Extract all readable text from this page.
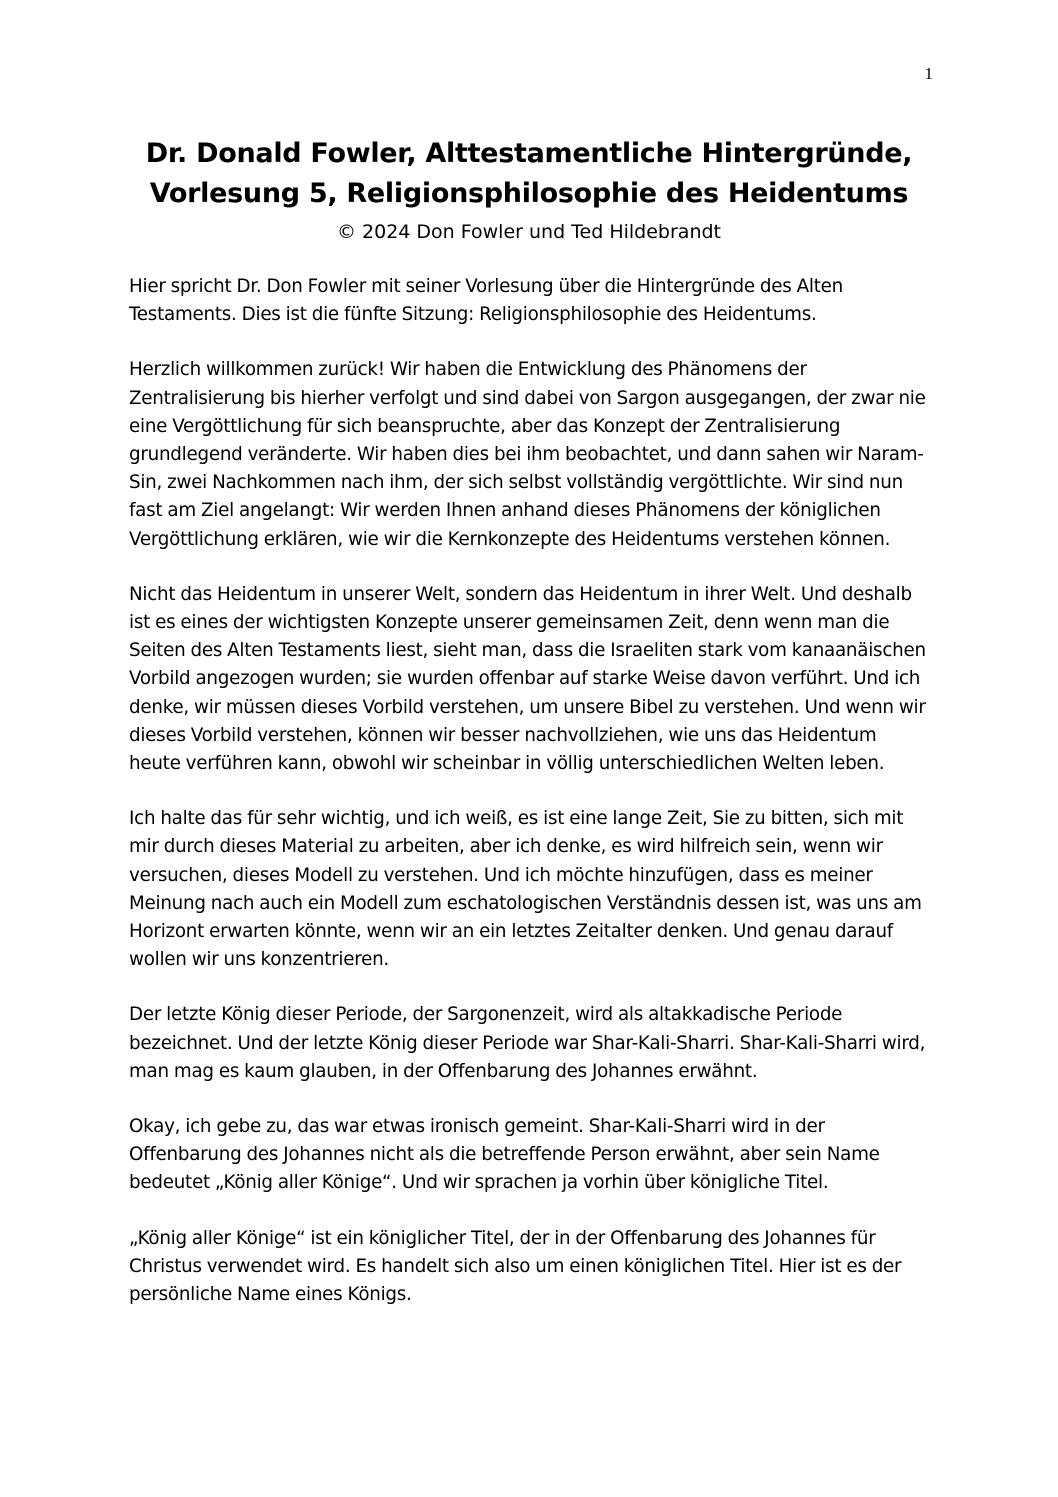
1
Dr. Donald Fowler, Alttestamentliche Hintergründe,
Vorlesung 5, Religionsphilosophie des Heidentums
© 2024 Don Fowler und Ted Hildebrandt

Hier spricht Dr. Don Fowler mit seiner Vorlesung über die Hintergründe des Alten Testaments. Dies ist die fünfte Sitzung: Religionsphilosophie des Heidentums.

Herzlich willkommen zurück! Wir haben die Entwicklung des Phänomens der Zentralisierung bis hierher verfolgt und sind dabei von Sargon ausgegangen, der zwar nie eine Vergöttlichung für sich beanspruchte, aber das Konzept der Zentralisierung grundlegend veränderte. Wir haben dies bei ihm beobachtet, und dann sahen wir Naram-Sin, zwei Nachkommen nach ihm, der sich selbst vollständig vergöttlichte. Wir sind nun fast am Ziel angelangt: Wir werden Ihnen anhand dieses Phänomens der königlichen Vergöttlichung erklären, wie wir die Kernkonzepte des Heidentums verstehen können.

Nicht das Heidentum in unserer Welt, sondern das Heidentum in ihrer Welt. Und deshalb ist es eines der wichtigsten Konzepte unserer gemeinsamen Zeit, denn wenn man die Seiten des Alten Testaments liest, sieht man, dass die Israeliten stark vom kanaanäischen Vorbild angezogen wurden; sie wurden offenbar auf starke Weise davon verführt. Und ich denke, wir müssen dieses Vorbild verstehen, um unsere Bibel zu verstehen. Und wenn wir dieses Vorbild verstehen, können wir besser nachvollziehen, wie uns das Heidentum heute verführen kann, obwohl wir scheinbar in völlig unterschiedlichen Welten leben.

Ich halte das für sehr wichtig, und ich weiß, es ist eine lange Zeit, Sie zu bitten, sich mit mir durch dieses Material zu arbeiten, aber ich denke, es wird hilfreich sein, wenn wir versuchen, dieses Modell zu verstehen. Und ich möchte hinzufügen, dass es meiner Meinung nach auch ein Modell zum eschatologischen Verständnis dessen ist, was uns am Horizont erwarten könnte, wenn wir an ein letztes Zeitalter denken. Und genau darauf wollen wir uns konzentrieren.

Der letzte König dieser Periode, der Sargonenzeit, wird als altakkadische Periode bezeichnet. Und der letzte König dieser Periode war Shar-Kali-Sharri. Shar-Kali-Sharri wird, man mag es kaum glauben, in der Offenbarung des Johannes erwähnt.

Okay, ich gebe zu, das war etwas ironisch gemeint. Shar-Kali-Sharri wird in der Offenbarung des Johannes nicht als die betreffende Person erwähnt, aber sein Name bedeutet „König aller Könige“. Und wir sprachen ja vorhin über königliche Titel.

„König aller Könige“ ist ein königlicher Titel, der in der Offenbarung des Johannes für Christus verwendet wird. Es handelt sich also um einen königlichen Titel. Hier ist es der persönliche Name eines Königs.
